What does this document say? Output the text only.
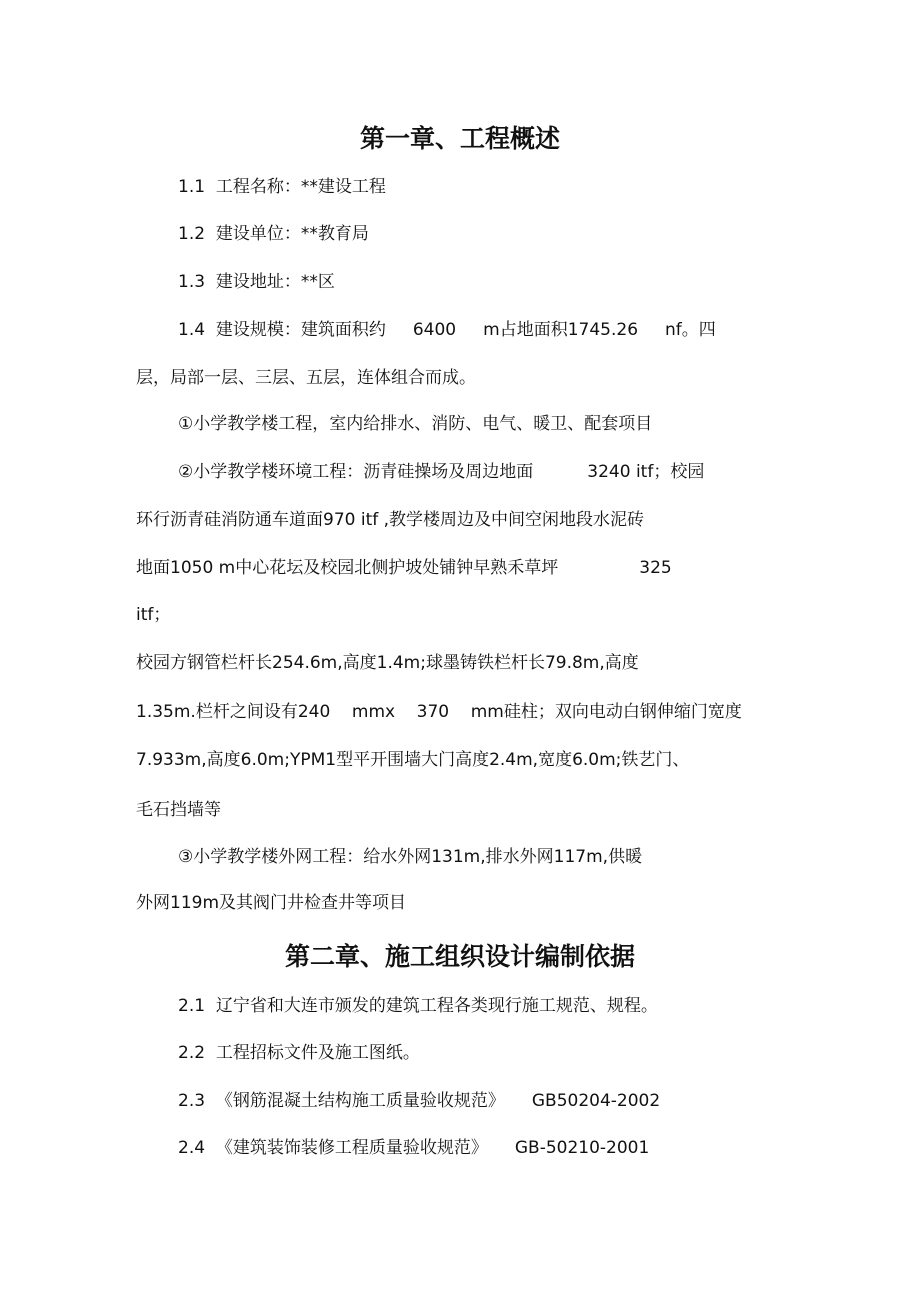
第一章、工程概述
1.1  工程名称：**建设工程
1.2  建设单位：**教育局
1.3  建设地址：**区
1.4  建设规模：建筑面积约     6400     m占地面积1745.26     nf。四
层，局部一层、三层、五层，连体组合而成。
①小学教学楼工程，室内给排水、消防、电气、暖卫、配套项目
②小学教学楼环境工程：沥青硅操场及周边地面          3240 itf；校园
环行沥青硅消防通车道面970 itf ,教学楼周边及中间空闲地段水泥砖
地面1050 m中心花坛及校园北侧护坡处铺钟早熟禾草坪               325
itf；
校园方钢管栏杆长254.6m,高度1.4m;球墨铸铁栏杆长79.8m,高度
1.35m.栏杆之间设有240    mmx    370    mm硅柱；双向电动白钢伸缩门宽度
7.933m,高度6.0m;YPM1型平开围墙大门高度2.4m,宽度6.0m;铁艺门、
毛石挡墙等
③小学教学楼外网工程：给水外网131m,排水外网117m,供暖
外网119m及其阀门井检查井等项目
第二章、施工组织设计编制依据
2.1  辽宁省和大连市颁发的建筑工程各类现行施工规范、规程。
2.2  工程招标文件及施工图纸。
2.3  《钢筋混凝土结构施工质量验收规范》     GB50204-2002
2.4  《建筑装饰装修工程质量验收规范》     GB-50210-2001
